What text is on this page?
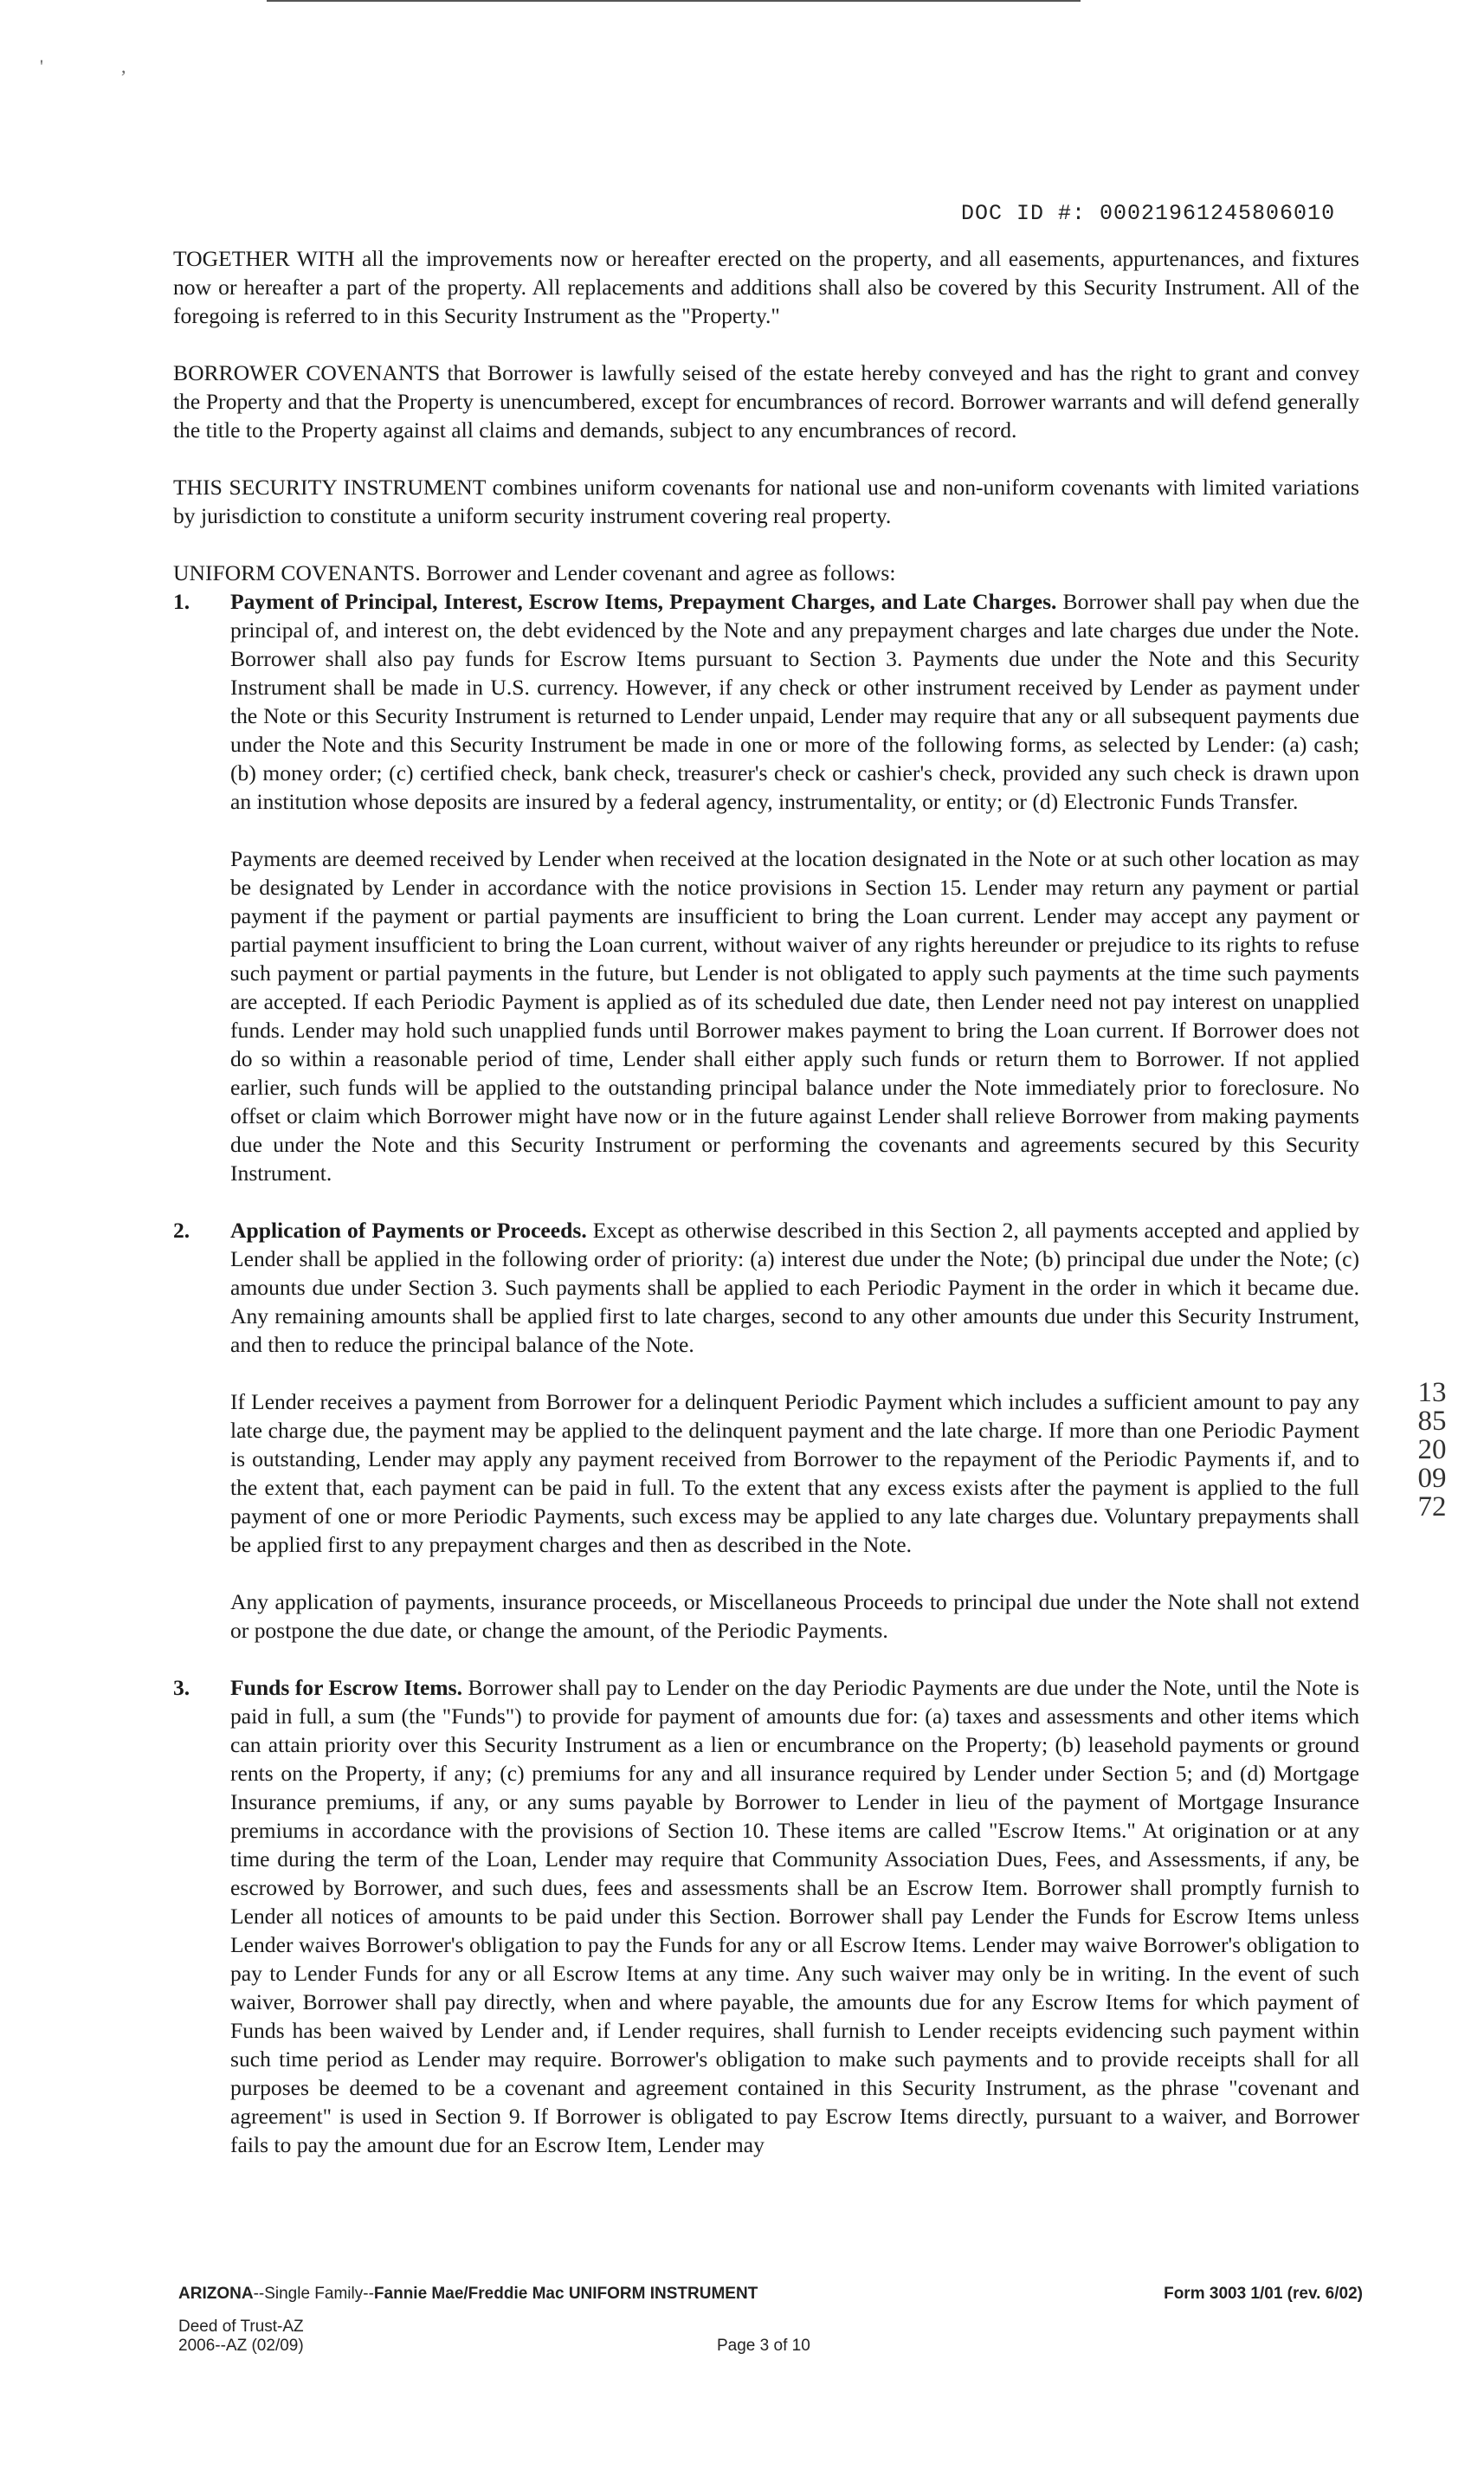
'	,
DOC ID #: 00021961245806010

TOGETHER WITH all the improvements now or hereafter erected on the property, and all easements, appurtenances, and fixtures now or hereafter a part of the property. All replacements and additions shall also be covered by this Security Instrument. All of the foregoing is referred to in this Security Instrument as the "Property."

BORROWER COVENANTS that Borrower is lawfully seised of the estate hereby conveyed and has the right to grant and convey the Property and that the Property is unencumbered, except for encumbrances of record. Borrower warrants and will defend generally the title to the Property against all claims and demands, subject to any encumbrances of record.

THIS SECURITY INSTRUMENT combines uniform covenants for national use and non-uniform covenants with limited variations by jurisdiction to constitute a uniform security instrument covering real property.

UNIFORM COVENANTS. Borrower and Lender covenant and agree as follows:

1.	Payment of Principal, Interest, Escrow Items, Prepayment Charges, and Late Charges. Borrower shall pay when due the principal of, and interest on, the debt evidenced by the Note and any prepayment charges and late charges due under the Note. Borrower shall also pay funds for Escrow Items pursuant to Section 3. Payments due under the Note and this Security Instrument shall be made in U.S. currency. However, if any check or other instrument received by Lender as payment under the Note or this Security Instrument is returned to Lender unpaid, Lender may require that any or all subsequent payments due under the Note and this Security Instrument be made in one or more of the following forms, as selected by Lender: (a) cash; (b) money order; (c) certified check, bank check, treasurer's check or cashier's check, provided any such check is drawn upon an institution whose deposits are insured by a federal agency, instrumentality, or entity; or (d) Electronic Funds Transfer.

Payments are deemed received by Lender when received at the location designated in the Note or at such other location as may be designated by Lender in accordance with the notice provisions in Section 15. Lender may return any payment or partial payment if the payment or partial payments are insufficient to bring the Loan current. Lender may accept any payment or partial payment insufficient to bring the Loan current, without waiver of any rights hereunder or prejudice to its rights to refuse such payment or partial payments in the future, but Lender is not obligated to apply such payments at the time such payments are accepted. If each Periodic Payment is applied as of its scheduled due date, then Lender need not pay interest on unapplied funds. Lender may hold such unapplied funds until Borrower makes payment to bring the Loan current. If Borrower does not do so within a reasonable period of time, Lender shall either apply such funds or return them to Borrower. If not applied earlier, such funds will be applied to the outstanding principal balance under the Note immediately prior to foreclosure. No offset or claim which Borrower might have now or in the future against Lender shall relieve Borrower from making payments due under the Note and this Security Instrument or performing the covenants and agreements secured by this Security Instrument.

2.	Application of Payments or Proceeds. Except as otherwise described in this Section 2, all payments accepted and applied by Lender shall be applied in the following order of priority: (a) interest due under the Note; (b) principal due under the Note; (c) amounts due under Section 3. Such payments shall be applied to each Periodic Payment in the order in which it became due. Any remaining amounts shall be applied first to late charges, second to any other amounts due under this Security Instrument, and then to reduce the principal balance of the Note.

If Lender receives a payment from Borrower for a delinquent Periodic Payment which includes a sufficient amount to pay any late charge due, the payment may be applied to the delinquent payment and the late charge. If more than one Periodic Payment is outstanding, Lender may apply any payment received from Borrower to the repayment of the Periodic Payments if, and to the extent that, each payment can be paid in full. To the extent that any excess exists after the payment is applied to the full payment of one or more Periodic Payments, such excess may be applied to any late charges due. Voluntary prepayments shall be applied first to any prepayment charges and then as described in the Note.

Any application of payments, insurance proceeds, or Miscellaneous Proceeds to principal due under the Note shall not extend or postpone the due date, or change the amount, of the Periodic Payments.

3.	Funds for Escrow Items. Borrower shall pay to Lender on the day Periodic Payments are due under the Note, until the Note is paid in full, a sum (the "Funds") to provide for payment of amounts due for: (a) taxes and assessments and other items which can attain priority over this Security Instrument as a lien or encumbrance on the Property; (b) leasehold payments or ground rents on the Property, if any; (c) premiums for any and all insurance required by Lender under Section 5; and (d) Mortgage Insurance premiums, if any, or any sums payable by Borrower to Lender in lieu of the payment of Mortgage Insurance premiums in accordance with the provisions of Section 10. These items are called "Escrow Items." At origination or at any time during the term of the Loan, Lender may require that Community Association Dues, Fees, and Assessments, if any, be escrowed by Borrower, and such dues, fees and assessments shall be an Escrow Item. Borrower shall promptly furnish to Lender all notices of amounts to be paid under this Section. Borrower shall pay Lender the Funds for Escrow Items unless Lender waives Borrower's obligation to pay the Funds for any or all Escrow Items. Lender may waive Borrower's obligation to pay to Lender Funds for any or all Escrow Items at any time. Any such waiver may only be in writing. In the event of such waiver, Borrower shall pay directly, when and where payable, the amounts due for any Escrow Items for which payment of Funds has been waived by Lender and, if Lender requires, shall furnish to Lender receipts evidencing such payment within such time period as Lender may require. Borrower's obligation to make such payments and to provide receipts shall for all purposes be deemed to be a covenant and agreement contained in this Security Instrument, as the phrase "covenant and agreement" is used in Section 9. If Borrower is obligated to pay Escrow Items directly, pursuant to a waiver, and Borrower fails to pay the amount due for an Escrow Item, Lender may

1385200972
ARIZONA--Single Family--Fannie Mae/Freddie Mac UNIFORM INSTRUMENT	Form 3003 1/01 (rev. 6/02)
Deed of Trust-AZ
2006--AZ (02/09)	Page 3 of 10
